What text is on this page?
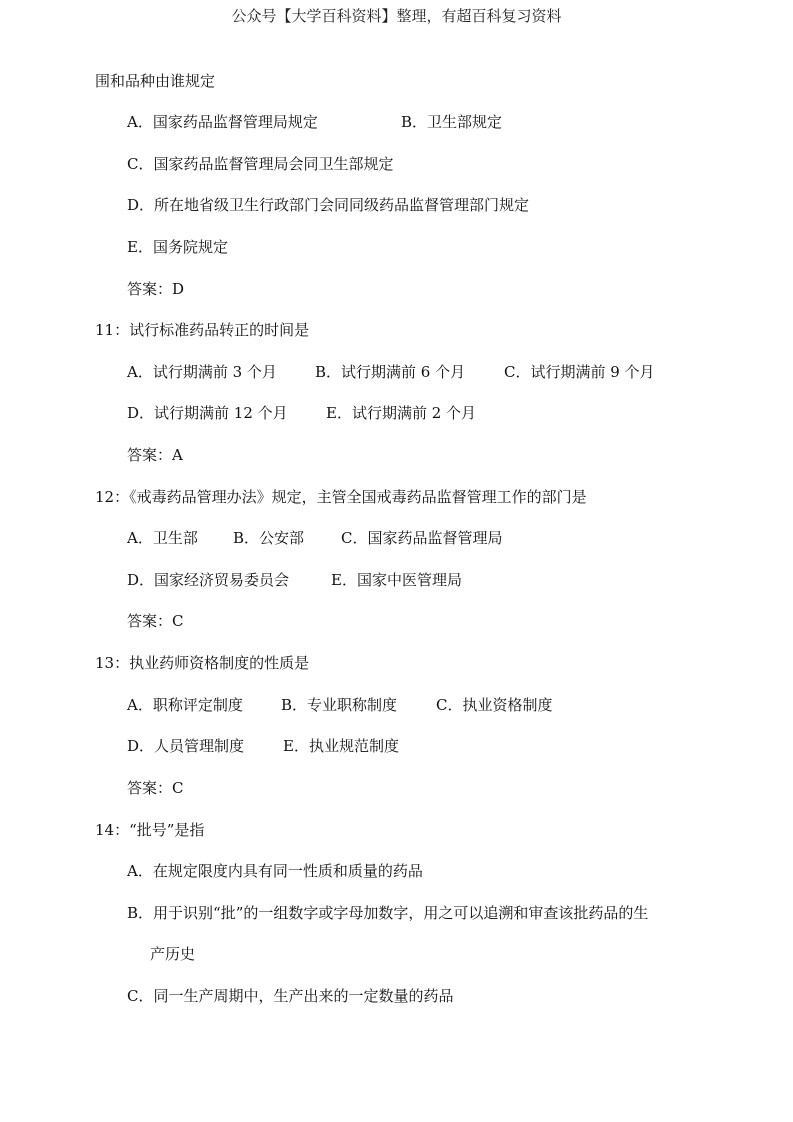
公众号【大学百科资料】整理，有超百科复习资料
围和品种由谁规定
A．国家药品监督管理局规定	B．卫生部规定
C．国家药品监督管理局会同卫生部规定
D．所在地省级卫生行政部门会同同级药品监督管理部门规定
E．国务院规定
答案：D
11：试行标准药品转正的时间是
A．试行期满前 3 个月	B．试行期满前 6 个月	C．试行期满前 9 个月
D．试行期满前 12 个月	E．试行期满前 2 个月
答案：A
12：《戒毒药品管理办法》规定，主管全国戒毒药品监督管理工作的部门是
A．卫生部 B．公安部 C．国家药品监督管理局
D．国家经济贸易委员会	E．国家中医管理局
答案：C
13：执业药师资格制度的性质是
A．职称评定制度	B．专业职称制度	C．执业资格制度
D．人员管理制度	E．执业规范制度
答案：C
14：“批号”是指
A．在规定限度内具有同一性质和质量的药品
B．用于识别“批”的一组数字或字母加数字，用之可以追溯和审查该批药品的生
产历史
C．同一生产周期中，生产出来的一定数量的药品
